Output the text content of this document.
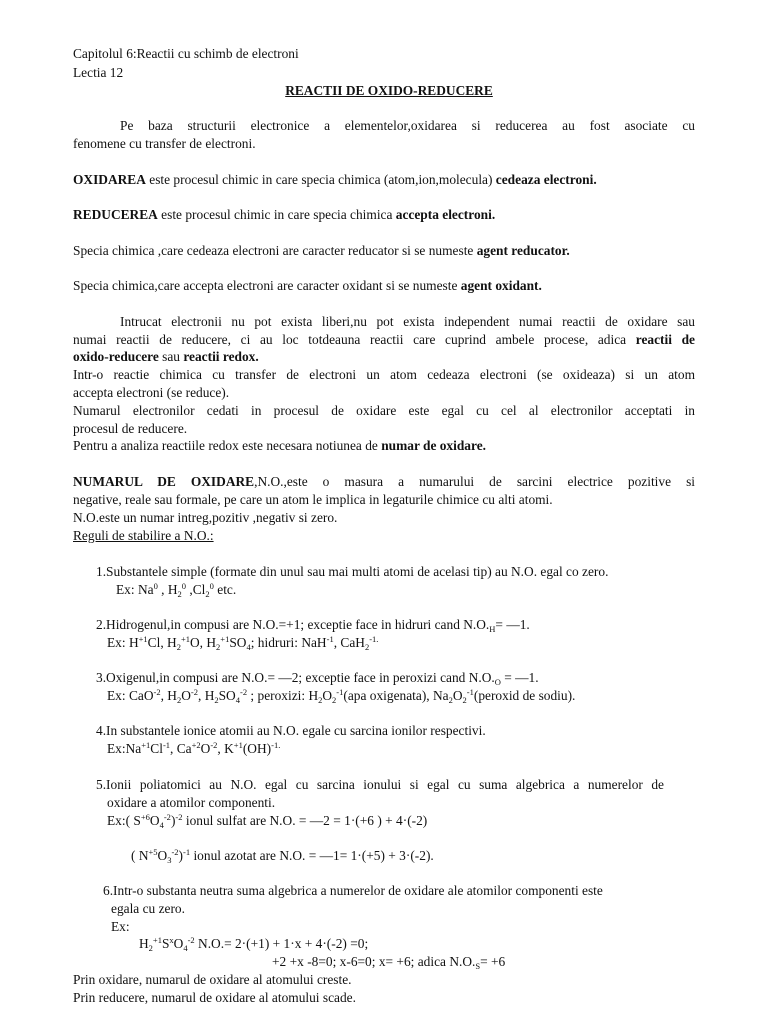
Capitolul 6:Reactii cu schimb de electroni
Lectia 12
REACTII DE OXIDO-REDUCERE
Pe baza structurii electronice a elementelor,oxidarea si reducerea au fost asociate cu
fenomene cu transfer de electroni.
OXIDAREA este procesul chimic in care specia chimica (atom,ion,molecula) cedeaza electroni.
REDUCEREA este procesul chimic in care specia chimica accepta electroni.
Specia chimica ,care cedeaza electroni are caracter reducator si se numeste agent reducator.
Specia chimica,care accepta electroni are caracter oxidant si se numeste agent oxidant.
Intrucat electronii nu pot exista liberi,nu pot exista independent numai reactii de oxidare sau
numai reactii de reducere, ci au loc totdeauna reactii care cuprind ambele procese, adica reactii de
oxido-reducere sau reactii redox.
Intr-o reactie chimica cu transfer de electroni un atom cedeaza electroni (se oxideaza) si un atom
accepta electroni (se reduce).
Numarul electronilor cedati in procesul de oxidare este egal cu cel al electronilor acceptati in
procesul de reducere.
Pentru a analiza reactiile redox este necesara notiunea de numar de oxidare.
NUMARUL DE OXIDARE,N.O.,este o masura a numarului de sarcini electrice pozitive si
negative, reale sau formale, pe care un atom le implica in legaturile chimice cu alti atomi.
N.O.este un numar intreg,pozitiv ,negativ si zero.
Reguli de stabilire a N.O.:
1.Substantele simple (formate din unul sau mai multi atomi de acelasi tip) au N.O. egal co zero.
Ex: Na$^0$ , $H_2^0$ $,Cl_2^0$ etc.
2.Hidrogenul,in compusi are N.O.=+1; exceptie face in hidruri cand $N.O._H=$ —1.
Ex: $H^{+1}Cl$, $H_2^{+1}O$, $H_2^{+1}SO_4$; hidruri: NaH$^{-1}$, CaH$_2^{-1.}$
3.Oxigenul,in compusi are N.O.= —2; exceptie face in peroxizi cand $N.O._O$ = —1.
Ex: CaO$^{-2}$, $H_2O^{-2}$, $H_2SO_4^{-2}$ ; peroxizi: $H_2O_2^{-1}(apa$ oxigenata), $Na_2O_2^{-1}(peroxid$ de sodiu).
4.In substantele ionice atomii au N.O. egale cu sarcina ionilor respectivi.
$Ex:Na^{+1}Cl^{-1}$, $Ca^{+2}O^{-2}$, $K^{+1}(OH)^{-1.}$
5.Ionii poliatomici au N.O. egal cu sarcina ionului si egal cu suma algebrica a numerelor de
oxidare a atomilor componenti.
Ex:( $S^{+6}O_4^{-2})^{-2}$ ionul sulfat are N.O. = —2 = 1·(+6 ) + 4·(-2)
( $N^{+5}O_3^{-2})^{-1}$ ionul azotat are N.O. = —1= 1·(+5) + 3·(-2).
6.Intr-o substanta neutra suma algebrica a numerelor de oxidare ale atomilor componenti este
egala cu zero.
Ex:
$H_2^{+1}S^xO_4^{-2}$ N.O.= 2·(+1) + 1·x + 4·(-2) =0;
+2 +x -8=0; x-6=0; x= +6; adica $N.O._S= +6$
Prin oxidare, numarul de oxidare al atomului creste.
Prin reducere, numarul de oxidare al atomului scade.
